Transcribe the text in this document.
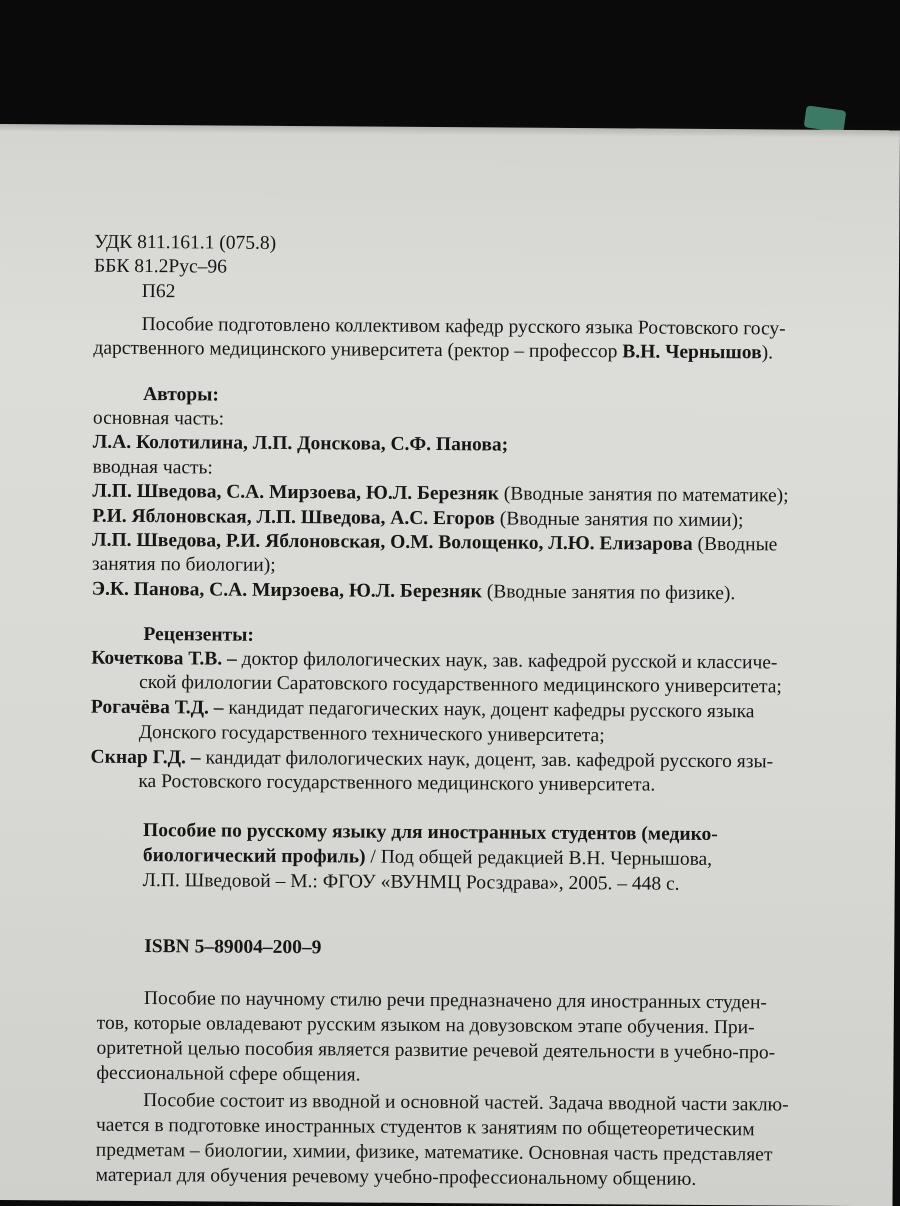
УДК 811.161.1 (075.8)
ББК 81.2Рус–96
П62
Пособие подготовлено коллективом кафедр русского языка Ростовского госу-
дарственного медицинского университета (ректор – профессор В.Н. Чернышов).
Авторы:
основная часть:
Л.А. Колотилина, Л.П. Донскова, С.Ф. Панова;
вводная часть:
Л.П. Шведова, С.А. Мирзоева, Ю.Л. Березняк (Вводные занятия по математике);
Р.И. Яблоновская, Л.П. Шведова, А.С. Егоров (Вводные занятия по химии);
Л.П. Шведова, Р.И. Яблоновская, О.М. Волощенко, Л.Ю. Елизарова (Вводные
занятия по биологии);
Э.К. Панова, С.А. Мирзоева, Ю.Л. Березняк (Вводные занятия по физике).
Рецензенты:
Кочеткова Т.В. – доктор филологических наук, зав. кафедрой русской и классиче-
ской филологии Саратовского государственного медицинского университета;
Рогачёва Т.Д. – кандидат педагогических наук, доцент кафедры русского языка
Донского государственного технического университета;
Скнар Г.Д. – кандидат филологических наук, доцент, зав. кафедрой русского язы-
ка Ростовского государственного медицинского университета.
Пособие по русскому языку для иностранных студентов (медико-
биологический профиль) / Под общей редакцией В.Н. Чернышова,
Л.П. Шведовой – М.: ФГОУ «ВУНМЦ Росздрава», 2005. – 448 с.
ISBN 5–89004–200–9
Пособие по научному стилю речи предназначено для иностранных студен-
тов, которые овладевают русским языком на довузовском этапе обучения. При-
оритетной целью пособия является развитие речевой деятельности в учебно-про-
фессиональной сфере общения.
Пособие состоит из вводной и основной частей. Задача вводной части заклю-
чается в подготовке иностранных студентов к занятиям по общетеоретическим
предметам – биологии, химии, физике, математике. Основная часть представляет
материал для обучения речевому учебно-профессиональному общению.
